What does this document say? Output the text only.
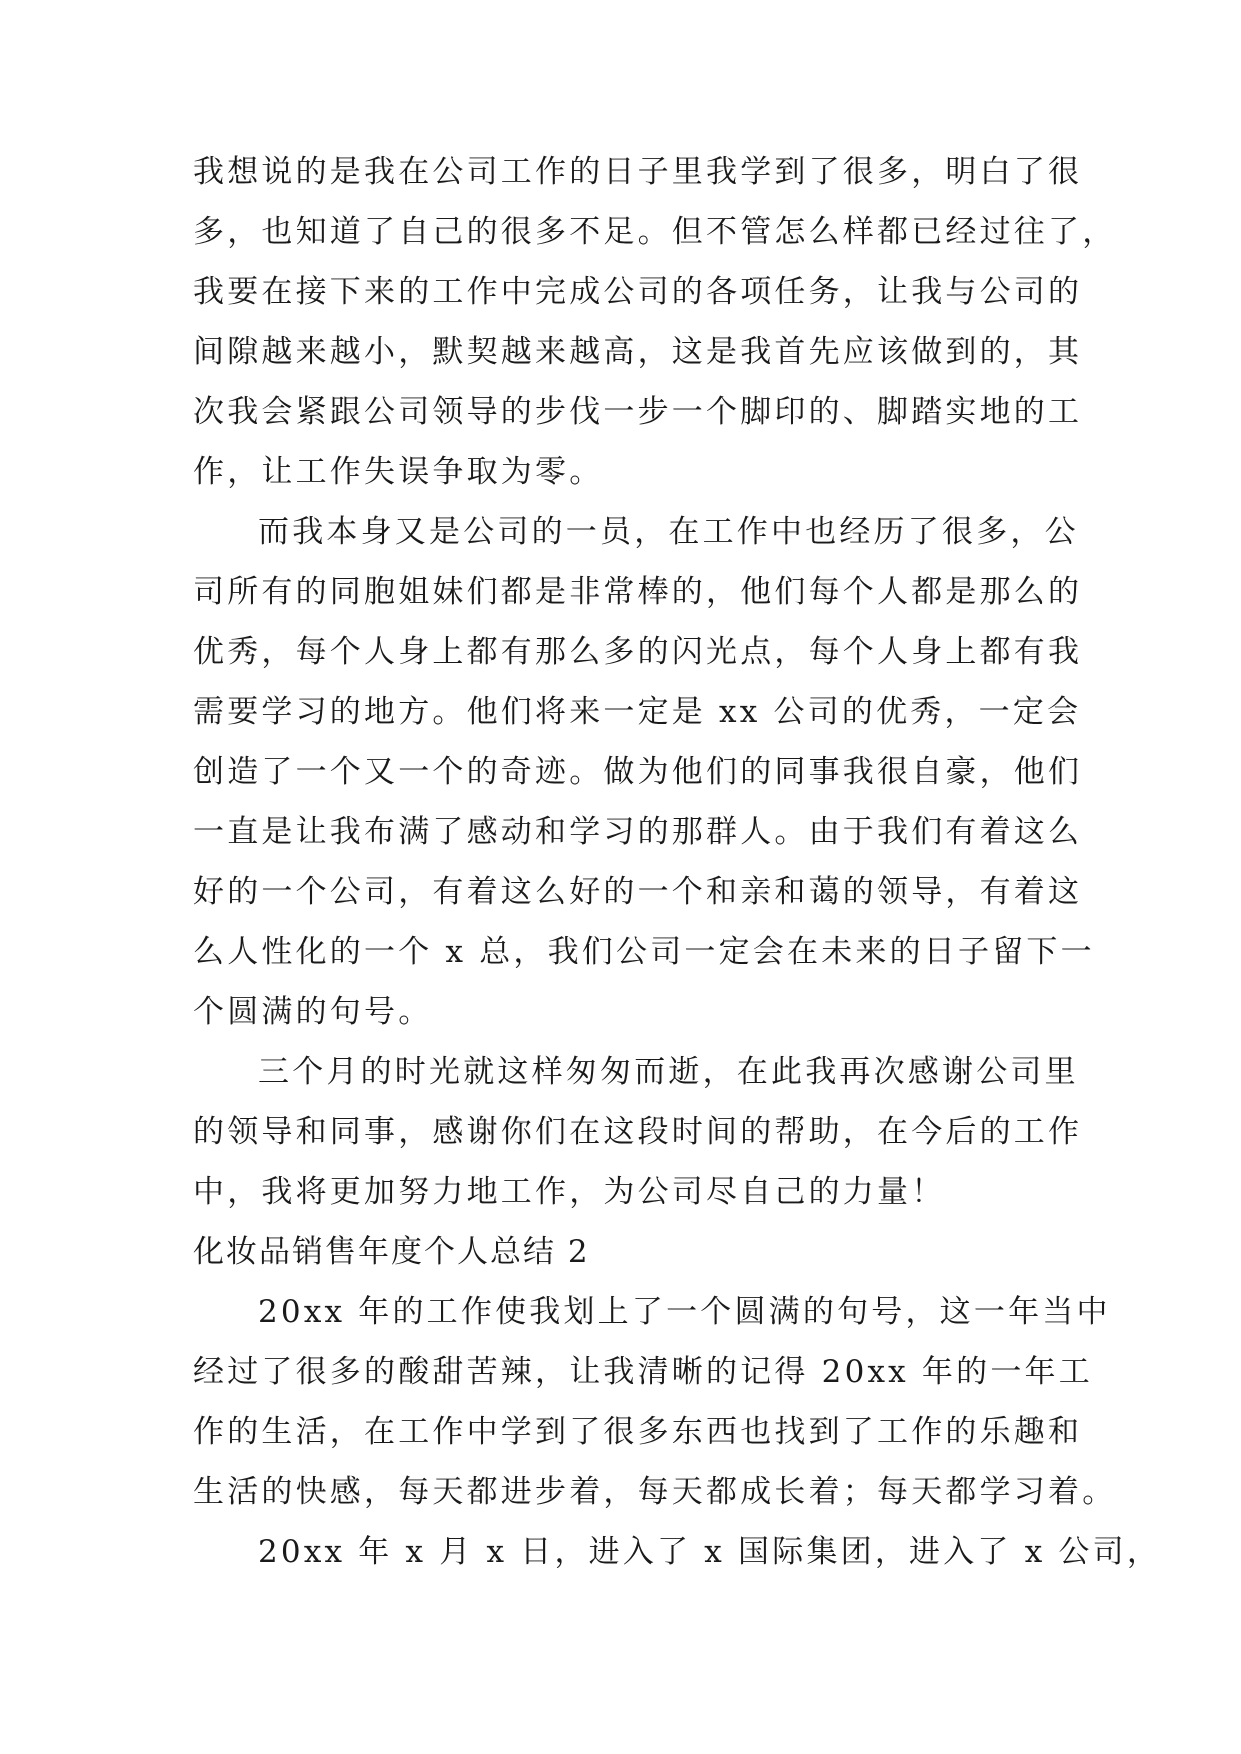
我想说的是我在公司工作的日子里我学到了很多，明白了很
多，也知道了自己的很多不足。但不管怎么样都已经过往了，
我要在接下来的工作中完成公司的各项任务，让我与公司的
间隙越来越小，默契越来越高，这是我首先应该做到的，其
次我会紧跟公司领导的步伐一步一个脚印的、脚踏实地的工
作，让工作失误争取为零。
而我本身又是公司的一员，在工作中也经历了很多，公
司所有的同胞姐妹们都是非常棒的，他们每个人都是那么的
优秀，每个人身上都有那么多的闪光点，每个人身上都有我
需要学习的地方。他们将来一定是 xx 公司的优秀，一定会
创造了一个又一个的奇迹。做为他们的同事我很自豪，他们
一直是让我布满了感动和学习的那群人。由于我们有着这么
好的一个公司，有着这么好的一个和亲和蔼的领导，有着这
么人性化的一个 x 总，我们公司一定会在未来的日子留下一
个圆满的句号。
三个月的时光就这样匆匆而逝，在此我再次感谢公司里
的领导和同事，感谢你们在这段时间的帮助，在今后的工作
中，我将更加努力地工作，为公司尽自己的力量！
化妆品销售年度个人总结 2
20xx 年的工作使我划上了一个圆满的句号，这一年当中
经过了很多的酸甜苦辣，让我清晰的记得 20xx 年的一年工
作的生活，在工作中学到了很多东西也找到了工作的乐趣和
生活的快感，每天都进步着，每天都成长着；每天都学习着。
20xx 年 x 月 x 日，进入了 x 国际集团，进入了 x 公司，
